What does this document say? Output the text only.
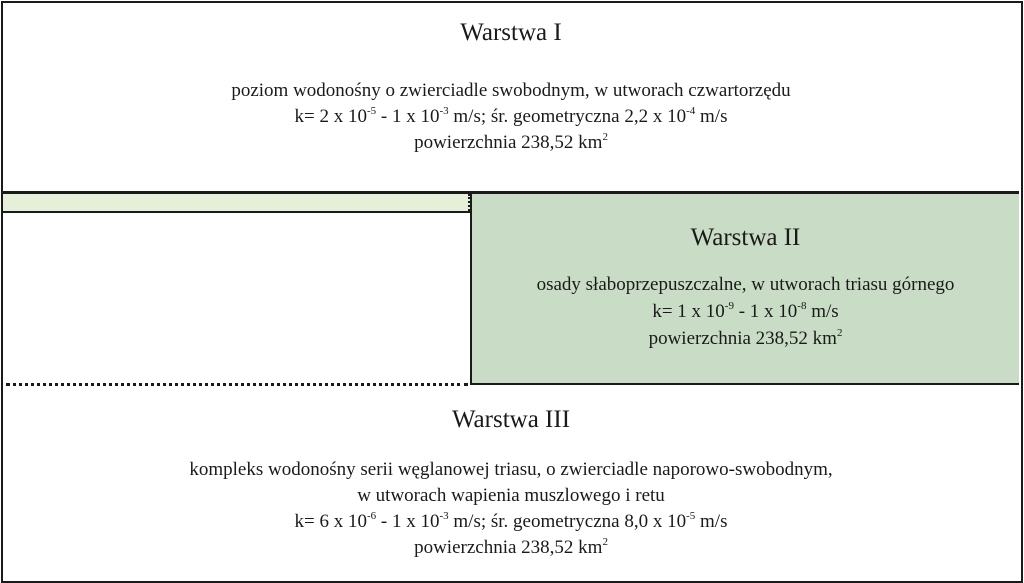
Warstwa I
poziom wodonośny o zwierciadle swobodnym, w utworach czwartorzędu
k= 2 x $10^{-5} - 1$ x $10^{-3}$ m/s; śr. geometryczna 2,2 x $10^{-4}$ m/s
powierzchnia 238,52 $km^2$
Warstwa II
osady słaboprzepuszczalne, w utworach triasu górnego
k= 1 x $10^{-9} - 1$ x $10^{-8}$ m/s
powierzchnia 238,52 $km^2$
Warstwa III
kompleks wodonośny serii węglanowej triasu, o zwierciadle naporowo-swobodnym,
w utworach wapienia muszlowego i retu
k= 6 x $10^{-6} - 1$ x $10^{-3}$ m/s; śr. geometryczna 8,0 x $10^{-5}$ m/s
powierzchnia 238,52 $km^2$
